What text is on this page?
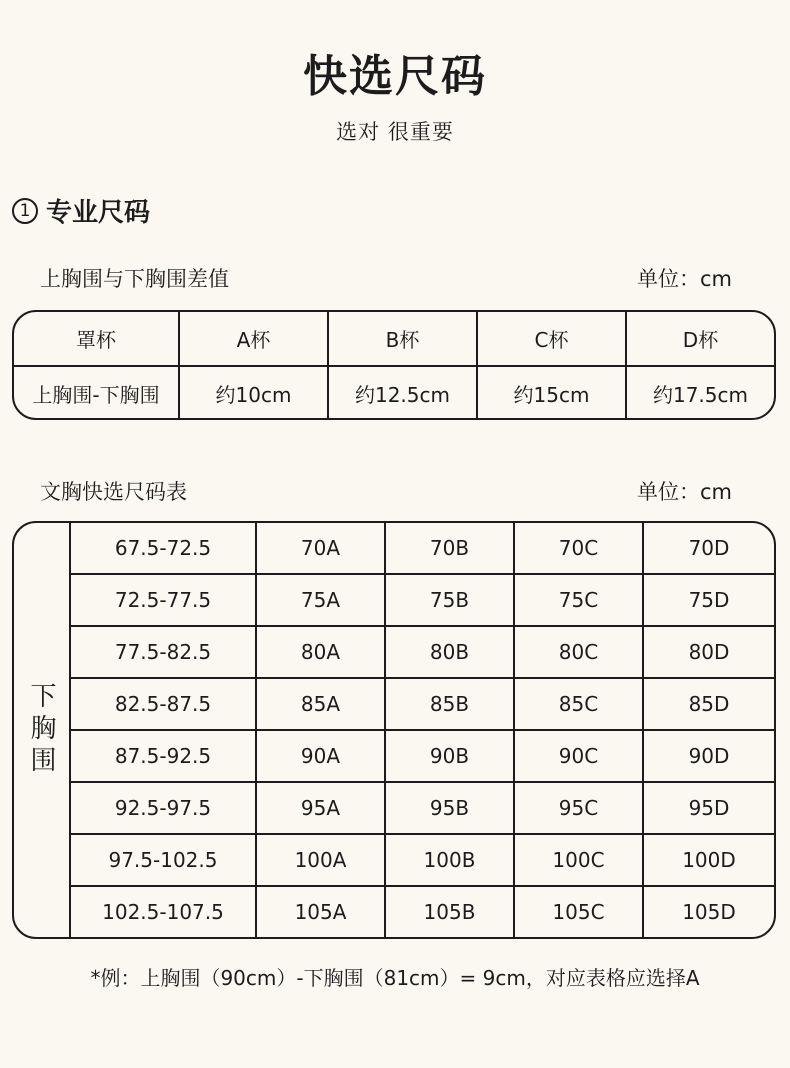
快选尺码
选对 很重要
1 专业尺码
上胸围与下胸围差值	单位：cm
罩杯	A杯	B杯	C杯	D杯
上胸围-下胸围	约10cm	约12.5cm	约15cm	约17.5cm
文胸快选尺码表	单位：cm
下胸围
67.5-72.5	70A	70B	70C	70D
72.5-77.5	75A	75B	75C	75D
77.5-82.5	80A	80B	80C	80D
82.5-87.5	85A	85B	85C	85D
87.5-92.5	90A	90B	90C	90D
92.5-97.5	95A	95B	95C	95D
97.5-102.5	100A	100B	100C	100D
102.5-107.5	105A	105B	105C	105D
*例：上胸围（90cm）-下胸围（81cm）= 9cm，对应表格应选择A
